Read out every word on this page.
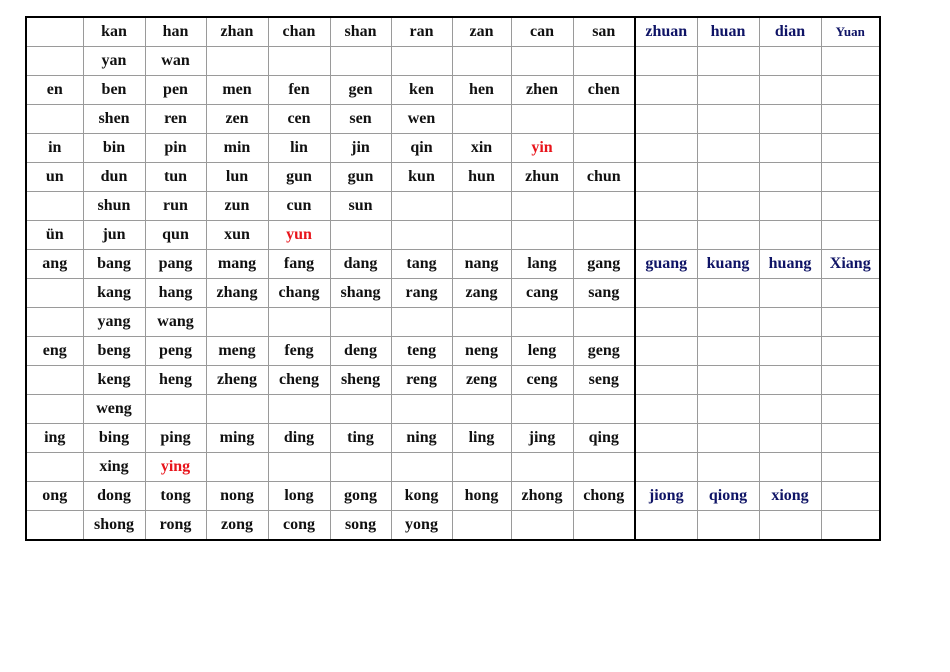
	kan	han	zhan	chan	shan	ran	zan	can	san	zhuan	huan	dian	Yuan
	yan	wan											
en	ben	pen	men	fen	gen	ken	hen	zhen	chen				
	shen	ren	zen	cen	sen	wen							
in	bin	pin	min	lin	jin	qin	xin	yin					
un	dun	tun	lun	gun	gun	kun	hun	zhun	chun				
	shun	run	zun	cun	sun								
ün	jun	qun	xun	yun									
ang	bang	pang	mang	fang	dang	tang	nang	lang	gang	guang	kuang	huang	Xiang
	kang	hang	zhang	chang	shang	rang	zang	cang	sang				
	yang	wang											
eng	beng	peng	meng	feng	deng	teng	neng	leng	geng				
	keng	heng	zheng	cheng	sheng	reng	zeng	ceng	seng				
	weng												
ing	bing	ping	ming	ding	ting	ning	ling	jing	qing				
	xing	ying											
ong	dong	tong	nong	long	gong	kong	hong	zhong	chong	jiong	qiong	xiong	
	shong	rong	zong	cong	song	yong							
